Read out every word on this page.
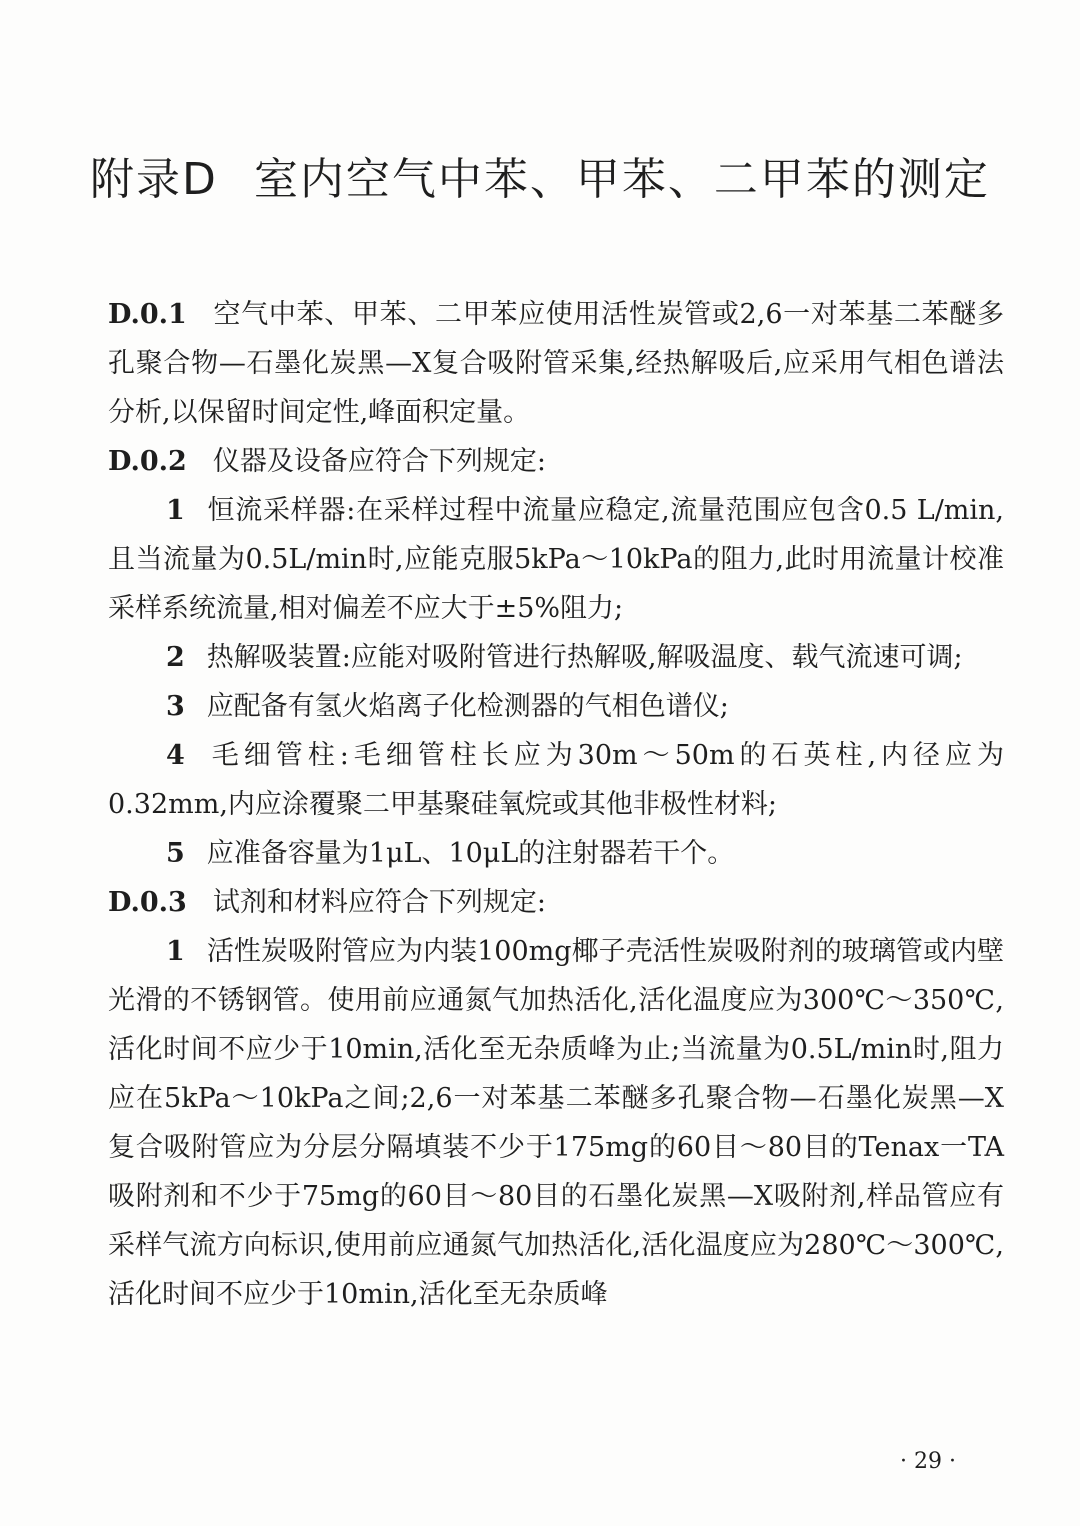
附录D 室内空气中苯、甲苯、二甲苯的测定

D.0.1 空气中苯、甲苯、二甲苯应使用活性炭管或2,6一对苯基二苯醚多孔聚合物—石墨化炭黑—X复合吸附管采集,经热解吸后,应采用气相色谱法分析,以保留时间定性,峰面积定量。

D.0.2 仪器及设备应符合下列规定:

1 恒流采样器:在采样过程中流量应稳定,流量范围应包含0.5 L/min,且当流量为0.5L/min时,应能克服5kPa～10kPa的阻力,此时用流量计校准采样系统流量,相对偏差不应大于±5%阻力;

2 热解吸装置:应能对吸附管进行热解吸,解吸温度、载气流速可调;

3 应配备有氢火焰离子化检测器的气相色谱仪;

4 毛细管柱:毛细管柱长应为30m～50m的石英柱,内径应为0.32mm,内应涂覆聚二甲基聚硅氧烷或其他非极性材料;

5 应准备容量为1μL、10μL的注射器若干个。

D.0.3 试剂和材料应符合下列规定:

1 活性炭吸附管应为内装100mg椰子壳活性炭吸附剂的玻璃管或内壁光滑的不锈钢管。使用前应通氮气加热活化,活化温度应为300℃～350℃,活化时间不应少于10min,活化至无杂质峰为止;当流量为0.5L/min时,阻力应在5kPa～10kPa之间;2,6一对苯基二苯醚多孔聚合物—石墨化炭黑—X复合吸附管应为分层分隔填装不少于175mg的60目～80目的Tenax一TA吸附剂和不少于75mg的60目～80目的石墨化炭黑—X吸附剂,样品管应有采样气流方向标识,使用前应通氮气加热活化,活化温度应为280℃～300℃,活化时间不应少于10min,活化至无杂质峰

· 29 ·
